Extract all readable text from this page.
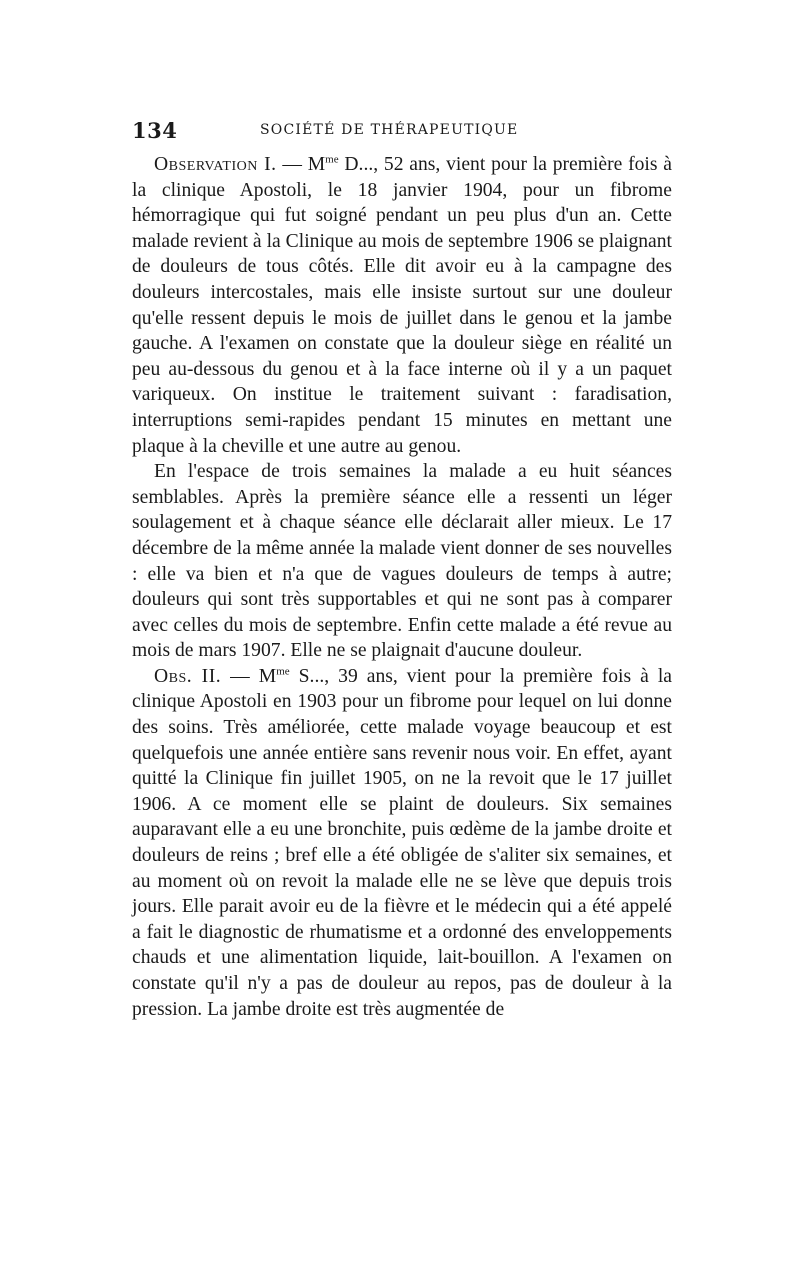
134	SOCIÉTÉ DE THÉRAPEUTIQUE

Observation I. — $M^{me}$ D..., 52 ans, vient pour la première fois à la clinique Apostoli, le 18 janvier 1904, pour un fibrome hémorragique qui fut soigné pendant un peu plus d'un an. Cette malade revient à la Clinique au mois de septembre 1906 se plaignant de douleurs de tous côtés. Elle dit avoir eu à la campagne des douleurs intercostales, mais elle insiste surtout sur une douleur qu'elle ressent depuis le mois de juillet dans le genou et la jambe gauche. A l'examen on constate que la douleur siège en réalité un peu au-dessous du genou et à la face interne où il y a un paquet variqueux. On institue le traitement suivant : faradisation, interruptions semi-rapides pendant 15 minutes en mettant une plaque à la cheville et une autre au genou.

En l'espace de trois semaines la malade a eu huit séances semblables. Après la première séance elle a ressenti un léger soulagement et à chaque séance elle déclarait aller mieux. Le 17 décembre de la même année la malade vient donner de ses nouvelles : elle va bien et n'a que de vagues douleurs de temps à autre; douleurs qui sont très supportables et qui ne sont pas à comparer avec celles du mois de septembre. Enfin cette malade a été revue au mois de mars 1907. Elle ne se plaignait d'aucune douleur.

Obs. II. — $M^{me}$ S..., 39 ans, vient pour la première fois à la clinique Apostoli en 1903 pour un fibrome pour lequel on lui donne des soins. Très améliorée, cette malade voyage beaucoup et est quelquefois une année entière sans revenir nous voir. En effet, ayant quitté la Clinique fin juillet 1905, on ne la revoit que le 17 juillet 1906. A ce moment elle se plaint de douleurs. Six semaines auparavant elle a eu une bronchite, puis œdème de la jambe droite et douleurs de reins ; bref elle a été obligée de s'aliter six semaines, et au moment où on revoit la malade elle ne se lève que depuis trois jours. Elle parait avoir eu de la fièvre et le médecin qui a été appelé a fait le diagnostic de rhumatisme et a ordonné des enveloppements chauds et une alimentation liquide, lait-bouillon. A l'examen on constate qu'il n'y a pas de douleur au repos, pas de douleur à la pression. La jambe droite est très augmentée de
